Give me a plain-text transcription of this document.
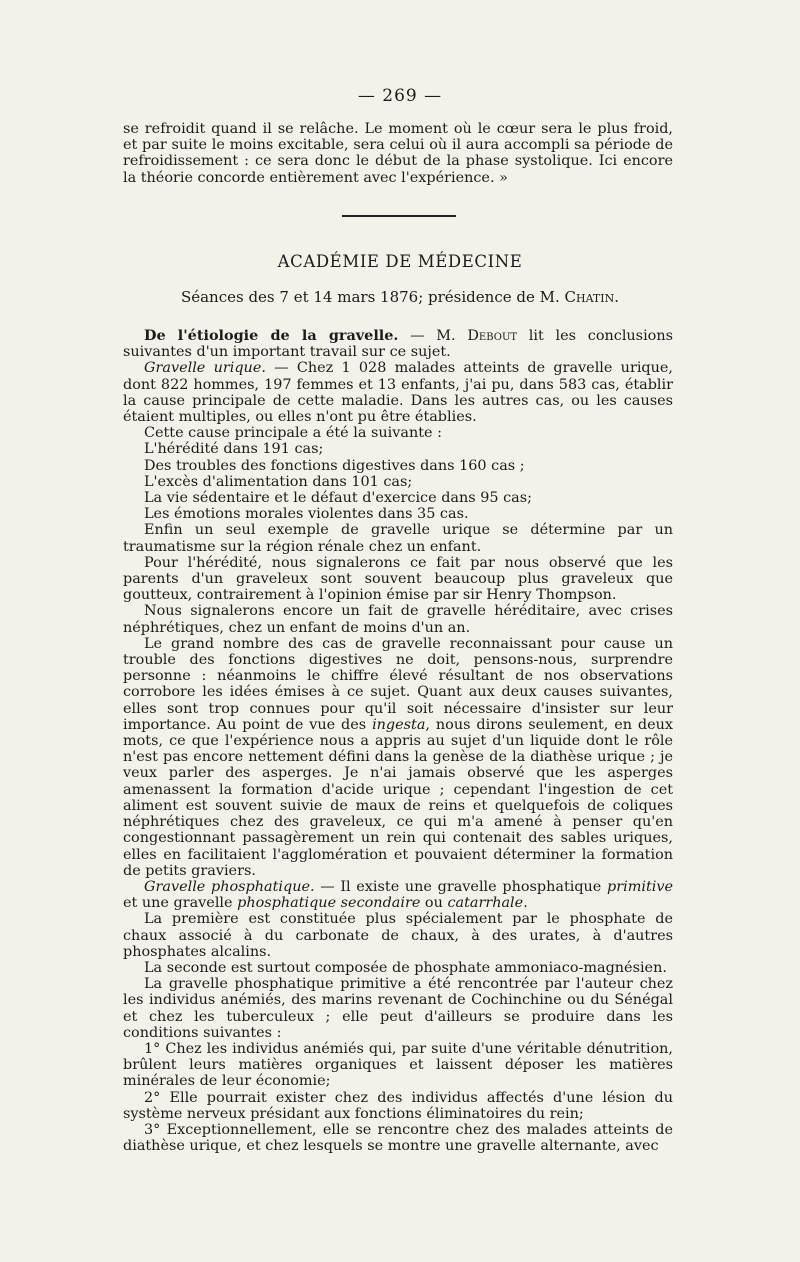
— 269 —

se refroidit quand il se relâche. Le moment où le cœur sera le plus froid, et par suite le moins excitable, sera celui où il aura accompli sa période de refroidissement : ce sera donc le début de la phase systolique. Ici encore la théorie concorde entièrement avec l'expérience. »

ACADÉMIE DE MÉDECINE
Séances des 7 et 14 mars 1876; présidence de M. Chatin.

De l'étiologie de la gravelle. — M. Debout lit les conclusions suivantes d'un important travail sur ce sujet.

Gravelle urique. — Chez 1 028 malades atteints de gravelle urique, dont 822 hommes, 197 femmes et 13 enfants, j'ai pu, dans 583 cas, établir la cause principale de cette maladie. Dans les autres cas, ou les causes étaient multiples, ou elles n'ont pu être établies.

Cette cause principale a été la suivante :

L'hérédité dans 191 cas;

Des troubles des fonctions digestives dans 160 cas ;

L'excès d'alimentation dans 101 cas;

La vie sédentaire et le défaut d'exercice dans 95 cas;

Les émotions morales violentes dans 35 cas.

Enfin un seul exemple de gravelle urique se détermine par un traumatisme sur la région rénale chez un enfant.

Pour l'hérédité, nous signalerons ce fait par nous observé que les parents d'un graveleux sont souvent beaucoup plus graveleux que goutteux, contrairement à l'opinion émise par sir Henry Thompson.

Nous signalerons encore un fait de gravelle héréditaire, avec crises néphrétiques, chez un enfant de moins d'un an.

Le grand nombre des cas de gravelle reconnaissant pour cause un trouble des fonctions digestives ne doit, pensons-nous, surprendre personne : néanmoins le chiffre élevé résultant de nos observations corrobore les idées émises à ce sujet. Quant aux deux causes suivantes, elles sont trop connues pour qu'il soit nécessaire d'insister sur leur importance. Au point de vue des ingesta, nous dirons seulement, en deux mots, ce que l'expérience nous a appris au sujet d'un liquide dont le rôle n'est pas encore nettement défini dans la genèse de la diathèse urique ; je veux parler des asperges. Je n'ai jamais observé que les asperges amenassent la formation d'acide urique ; cependant l'ingestion de cet aliment est souvent suivie de maux de reins et quelquefois de coliques néphrétiques chez des graveleux, ce qui m'a amené à penser qu'en congestionnant passagèrement un rein qui contenait des sables uriques, elles en facilitaient l'agglomération et pouvaient déterminer la formation de petits graviers.

Gravelle phosphatique. — Il existe une gravelle phosphatique primitive et une gravelle phosphatique secondaire ou catarrhale.

La première est constituée plus spécialement par le phosphate de chaux associé à du carbonate de chaux, à des urates, à d'autres phosphates alcalins.

La seconde est surtout composée de phosphate ammoniaco-magnésien.

La gravelle phosphatique primitive a été rencontrée par l'auteur chez les individus anémiés, des marins revenant de Cochinchine ou du Sénégal et chez les tuberculeux ; elle peut d'ailleurs se produire dans les conditions suivantes :

1° Chez les individus anémiés qui, par suite d'une véritable dénutrition, brûlent leurs matières organiques et laissent déposer les matières minérales de leur économie;

2° Elle pourrait exister chez des individus affectés d'une lésion du système nerveux présidant aux fonctions éliminatoires du rein;

3° Exceptionnellement, elle se rencontre chez des malades atteints de diathèse urique, et chez lesquels se montre une gravelle alternante, avec
